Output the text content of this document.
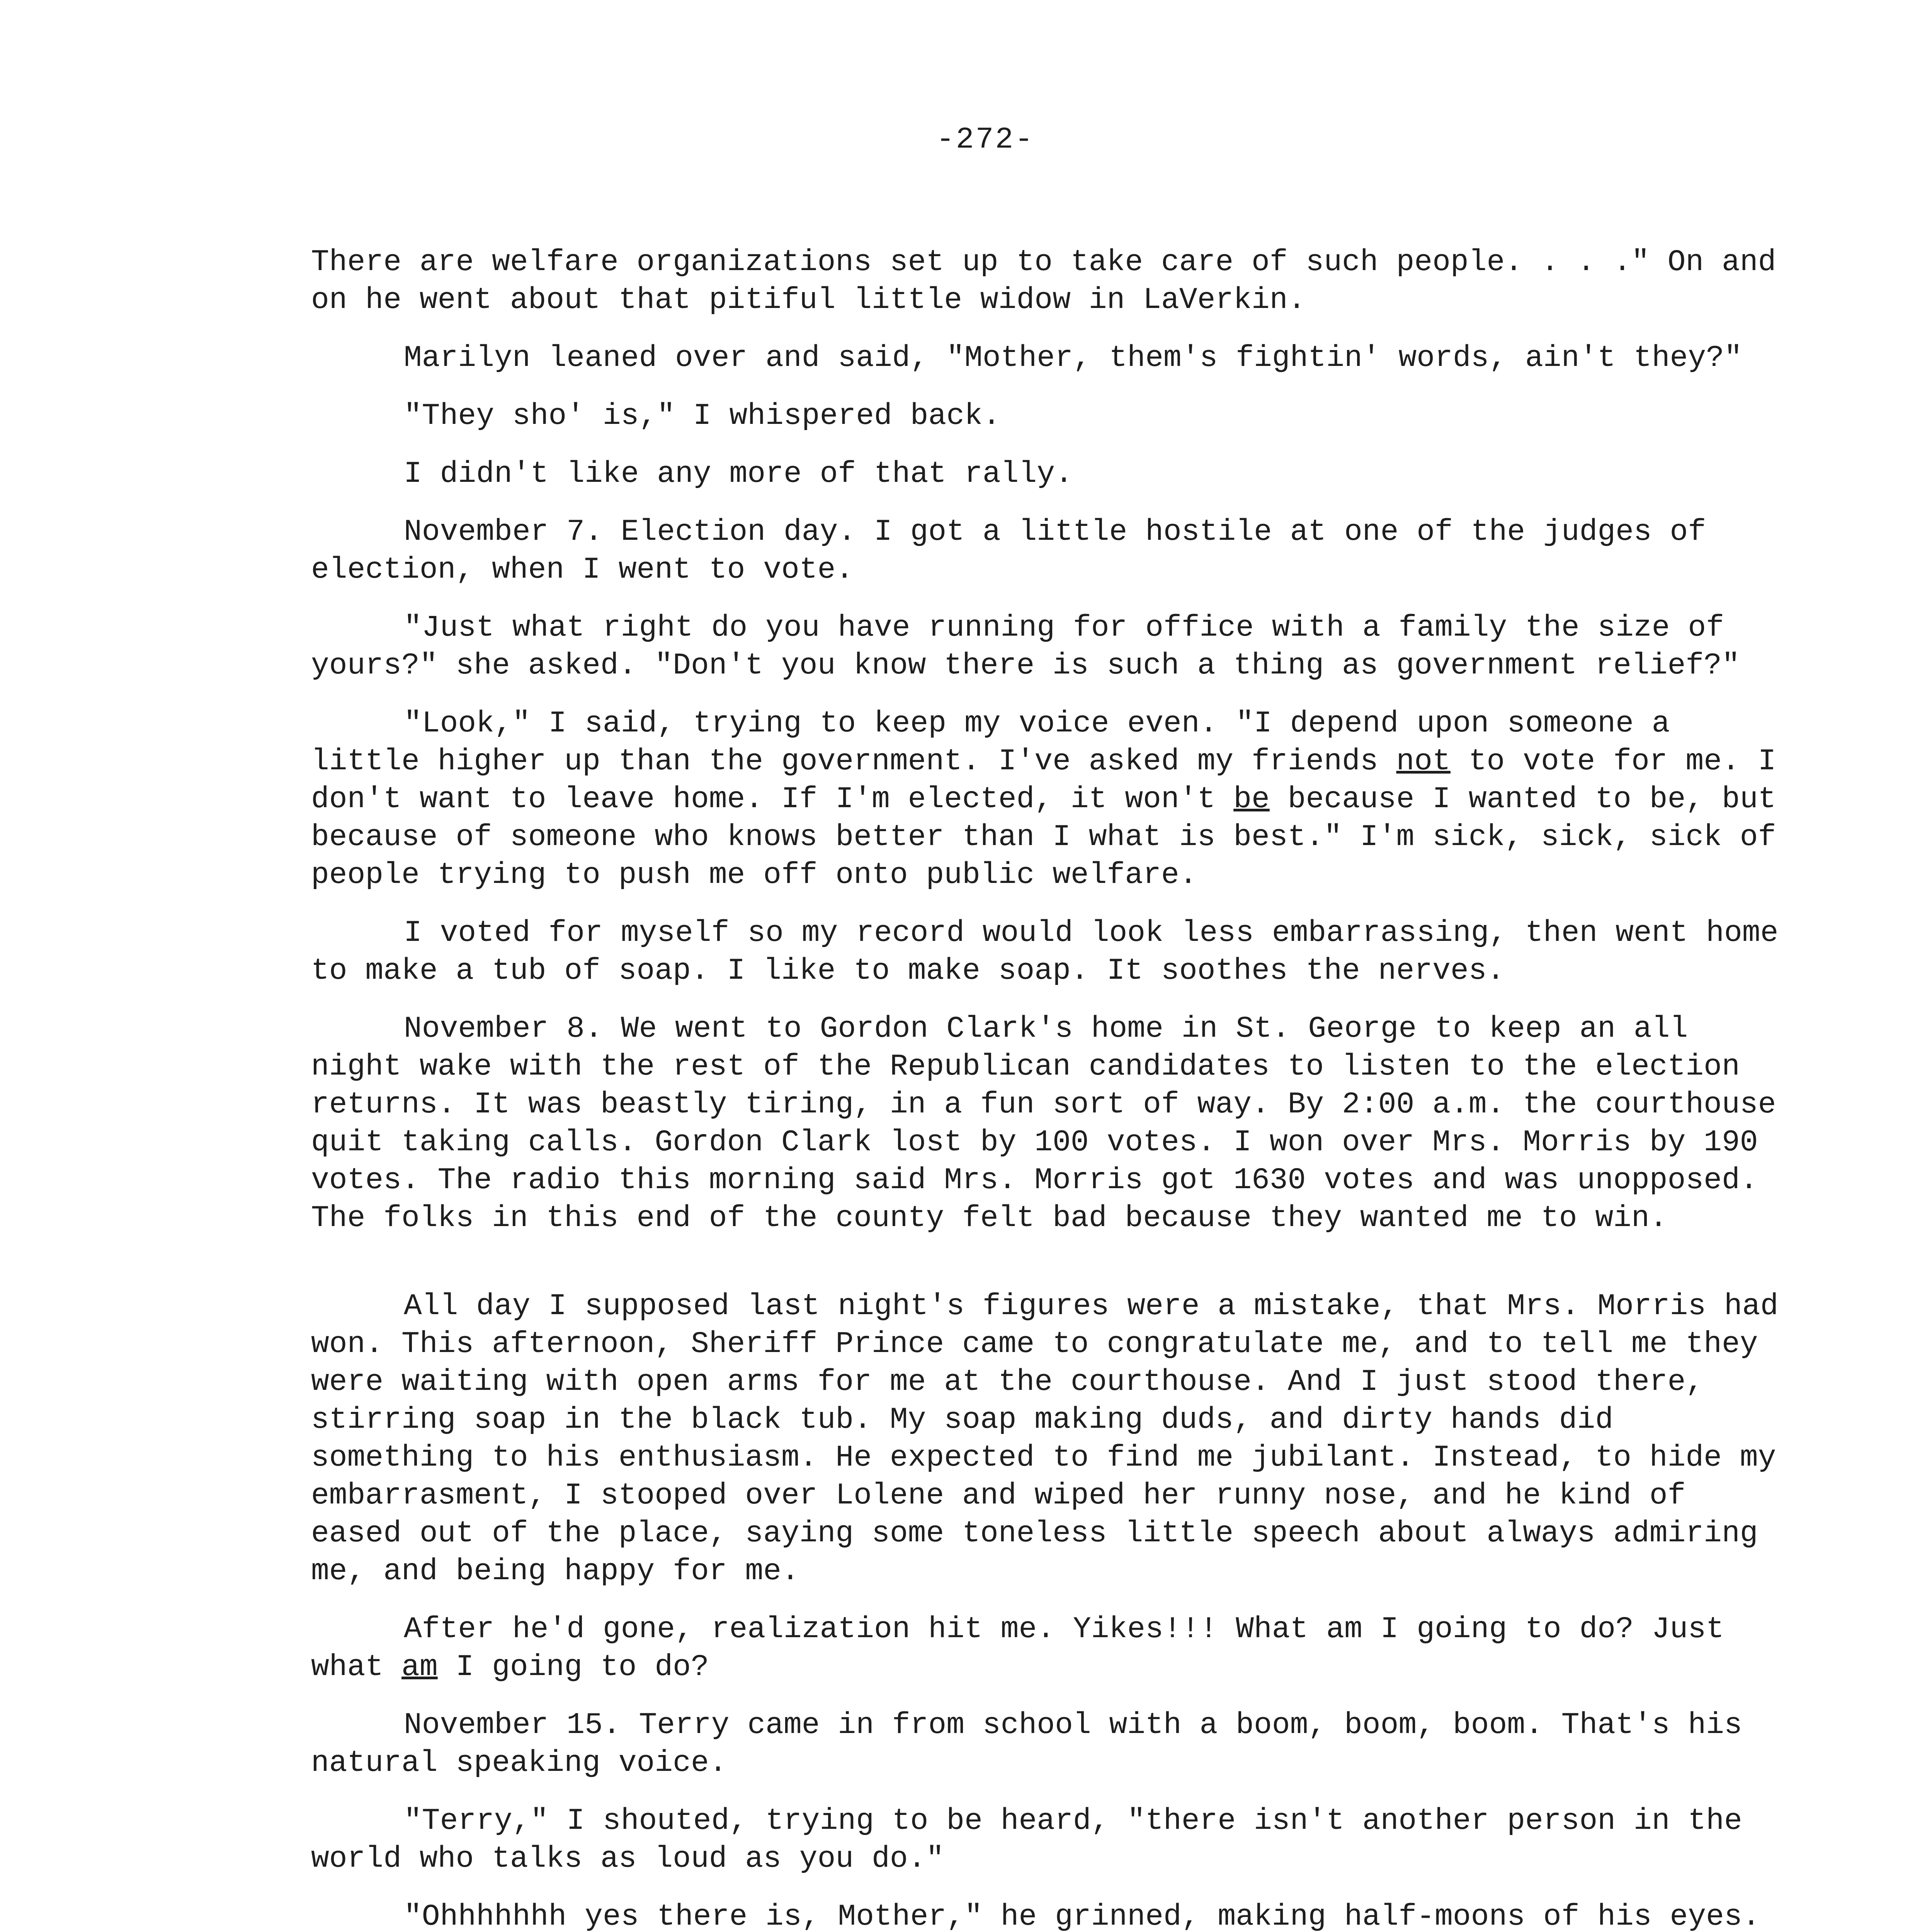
-272-

There are welfare organizations set up to take care of such people. . . ." On and on he went about that pitiful little widow in LaVerkin.

Marilyn leaned over and said, "Mother, them's fightin' words, ain't they?"

"They sho' is," I whispered back.

I didn't like any more of that rally.

November 7. Election day. I got a little hostile at one of the judges of election, when I went to vote.

"Just what right do you have running for office with a family the size of yours?" she asked. "Don't you know there is such a thing as government relief?"

"Look," I said, trying to keep my voice even. "I depend upon someone a little higher up than the government. I've asked my friends not to vote for me. I don't want to leave home. If I'm elected, it won't be because I wanted to be, but because of someone who knows better than I what is best." I'm sick, sick, sick of people trying to push me off onto public welfare.

I voted for myself so my record would look less embarrassing, then went home to make a tub of soap. I like to make soap. It soothes the nerves.

November 8. We went to Gordon Clark's home in St. George to keep an all night wake with the rest of the Republican candidates to listen to the election returns. It was beastly tiring, in a fun sort of way. By 2:00 a.m. the courthouse quit taking calls. Gordon Clark lost by 100 votes. I won over Mrs. Morris by 190 votes. The radio this morning said Mrs. Morris got 1630 votes and was unopposed. The folks in this end of the county felt bad because they wanted me to win.

All day I supposed last night's figures were a mistake, that Mrs. Morris had won. This afternoon, Sheriff Prince came to congratulate me, and to tell me they were waiting with open arms for me at the courthouse. And I just stood there, stirring soap in the black tub. My soap making duds, and dirty hands did something to his enthusiasm. He expected to find me jubilant. Instead, to hide my embarrasment, I stooped over Lolene and wiped her runny nose, and he kind of eased out of the place, saying some toneless little speech about always admiring me, and being happy for me.

After he'd gone, realization hit me. Yikes!!! What am I going to do? Just what am I going to do?

November 15. Terry came in from school with a boom, boom, boom. That's his natural speaking voice.

"Terry," I shouted, trying to be heard, "there isn't another person in the world who talks as loud as you do."

"Ohhhhhhh yes there is, Mother," he grinned, making half-moons of his eyes.
